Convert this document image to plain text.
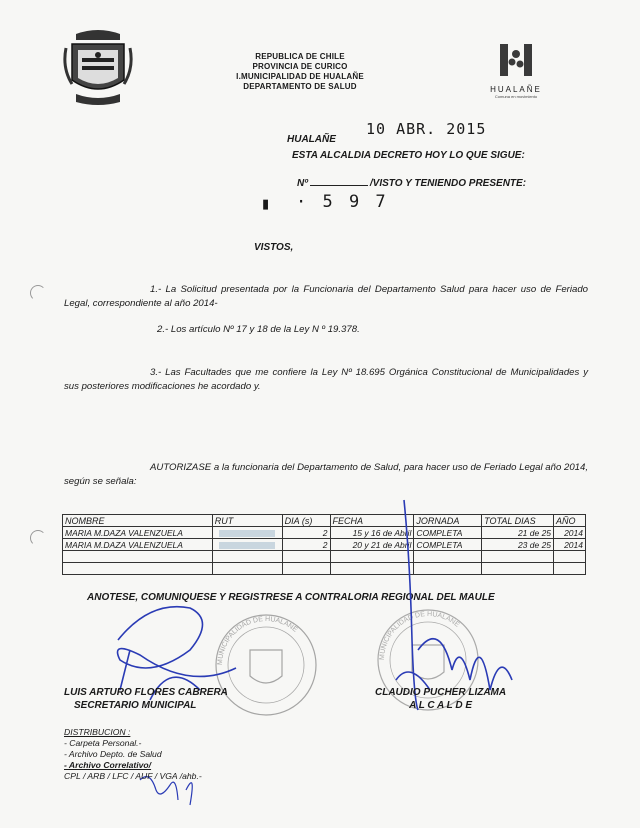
REPUBLICA DE CHILE
PROVINCIA DE CURICO
I.MUNICIPALIDAD DE HUALAÑE
DEPARTAMENTO DE SALUD	HUALAÑE
Comuna en movimiento
10 ABR. 2015
HUALAÑE
ESTA ALCALDIA DECRETO HOY LO QUE SIGUE:
Nº	/VISTO Y TENIENDO PRESENTE:
▮ · 5 9 7
VISTOS,
1.- La Solicitud presentada por la Funcionaria del Departamento Salud para hacer uso de Feriado Legal, correspondiente al año 2014-
2.- Los artículo Nº 17 y 18 de la Ley N º 19.378.
3.- Las Facultades que me confiere la Ley Nº 18.695 Orgánica Constitucional de Municipalidades y sus posteriores modificaciones he acordado y.
AUTORIZASE a la funcionaria del Departamento de Salud, para hacer uso de Feriado Legal año 2014, según se señala:
NOMBRE	RUT	DIA (s)	FECHA	JORNADA	TOTAL DIAS	AÑO
MARIA M.DAZA VALENZUELA		2	15 y 16 de Abril	COMPLETA	21 de 25	2014
MARIA M.DAZA VALENZUELA		2	20 y 21 de Abril	COMPLETA	23 de 25	2014

ANOTESE, COMUNIQUESE Y REGISTRESE A CONTRALORIA REGIONAL DEL MAULE
MUNICIPALIDAD DE HUALAÑE
MUNICIPALIDAD DE HUALAÑE
LUIS ARTURO FLORES CABRERA
SECRETARIO MUNICIPAL
CLAUDIO PUCHER LIZAMA
A L C A L D E
DISTRIBUCION :
- Carpeta Personal.-
- Archivo Depto. de Salud
- Archivo Correlativo/
CPL / ARB / LFC / AUF / VGA /ahb.-
